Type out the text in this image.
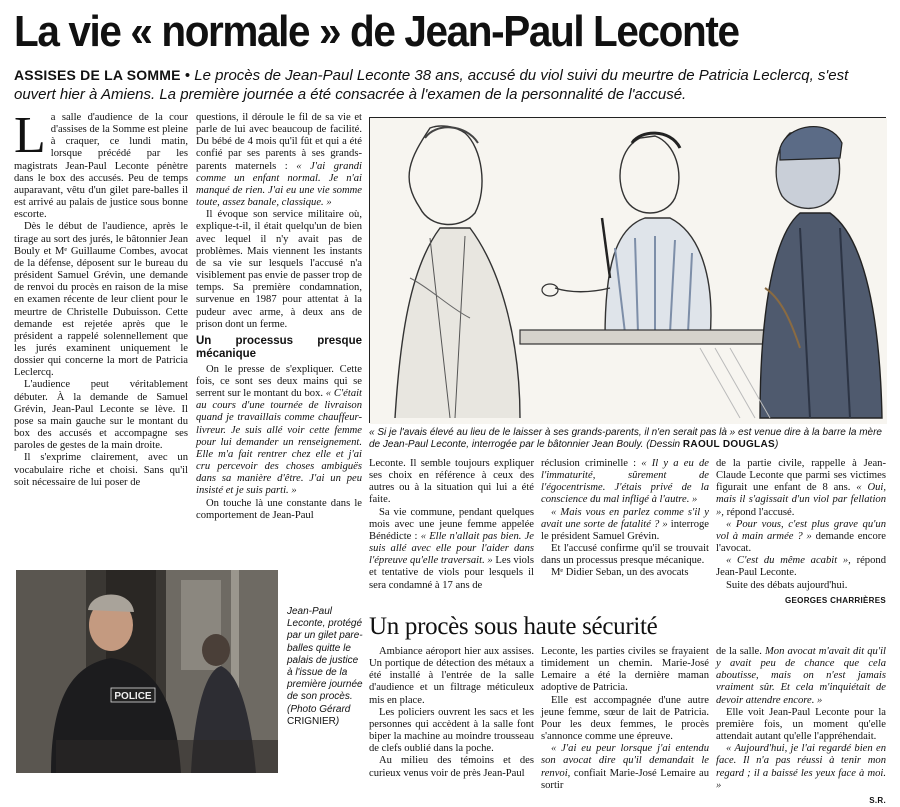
La vie « normale » de Jean-Paul Leconte
ASSISES DE LA SOMME • Le procès de Jean-Paul Leconte 38 ans, accusé du viol suivi du meurtre de Patricia Leclercq, s'est ouvert hier à Amiens. La première journée a été consacrée à l'examen de la personnalité de l'accusé.

La salle d'audience de la cour d'assises de la Somme est pleine à craquer, ce lundi matin, lorsque précédé par les magistrats Jean-Paul Leconte pénètre dans le box des accusés. Peu de temps auparavant, vêtu d'un gilet pare-balles il est arrivé au palais de justice sous bonne escorte.

Dès le début de l'audience, après le tirage au sort des jurés, le bâtonnier Jean Bouly et Mᵉ Guillaume Combes, avocat de la défense, déposent sur le bureau du président Samuel Grévin, une demande de renvoi du procès en raison de la mise en examen récente de leur client pour le meurtre de Christelle Dubuisson. Cette demande est rejetée après que le président a rappelé solennellement que les jurés examinent uniquement le dossier qui concerne la mort de Patricia Leclercq.

L'audience peut véritablement débuter. À la demande de Samuel Grévin, Jean-Paul Leconte se lève. Il pose sa main gauche sur le montant du box des accusés et accompagne ses paroles de gestes de la main droite.

Il s'exprime clairement, avec un vocabulaire riche et choisi. Sans qu'il soit nécessaire de lui poser de

questions, il déroule le fil de sa vie et parle de lui avec beaucoup de facilité. Du bébé de 4 mois qu'il fût et qui a été confié par ses parents à ses grands-parents maternels : « J'ai grandi comme un enfant normal. Je n'ai manqué de rien. J'ai eu une vie somme toute, assez banale, classique. »

Il évoque son service militaire où, explique-t-il, il était quelqu'un de bien avec lequel il n'y avait pas de problèmes. Mais viennent les instants de sa vie sur lesquels l'accusé n'a visiblement pas envie de passer trop de temps. Sa première condamnation, survenue en 1987 pour attentat à la pudeur avec arme, à deux ans de prison dont un ferme.

Un processus presque mécanique

On le presse de s'expliquer. Cette fois, ce sont ses deux mains qui se serrent sur le montant du box. « C'était au cours d'une tournée de livraison quand je travaillais comme chauffeur-livreur. Je suis allé voir cette femme pour lui demander un renseignement. Elle m'a fait rentrer chez elle et j'ai cru percevoir des choses ambiguës dans sa manière d'être. J'ai un peu insisté et je suis parti. »

On touche là une constante dans le comportement de Jean-Paul

« Si je l'avais élevé au lieu de le laisser à ses grands-parents, il n'en serait pas là » est venue dire à la barre la mère de Jean-Paul Leconte, interrogée par le bâtonnier Jean Bouly. (Dessin RAOUL DOUGLAS)

Leconte. Il semble toujours expliquer ses choix en référence à ceux des autres ou à la situation qui lui a été faite.

Sa vie commune, pendant quelques mois avec une jeune femme appelée Bénédicte : « Elle n'allait pas bien. Je suis allé avec elle pour l'aider dans l'épreuve qu'elle traversait. » Les viols et tentative de viols pour lesquels il sera condamné à 17 ans de

réclusion criminelle : « Il y a eu de l'immaturité, sûrement de l'égocentrisme. J'étais privé de la conscience du mal infligé à l'autre. »

« Mais vous en parlez comme s'il y avait une sorte de fatalité ? » interroge le président Samuel Grévin.

Et l'accusé confirme qu'il se trouvait dans un processus presque mécanique.

Mᵉ Didier Seban, un des avocats

de la partie civile, rappelle à Jean-Claude Leconte que parmi ses victimes figurait une enfant de 8 ans. « Oui, mais il s'agissait d'un viol par fellation », répond l'accusé.

« Pour vous, c'est plus grave qu'un vol à main armée ? » demande encore l'avocat.

« C'est du même acabit », répond Jean-Paul Leconte.

Suite des débats aujourd'hui.

GEORGES CHARRIÈRES
POLICE
Jean-Paul Leconte, protégé par un gilet pare-balles quitte le palais de justice à l'issue de la première journée de son procès.(Photo Gérard CRIGNIER)
Un procès sous haute sécurité

Ambiance aéroport hier aux assises. Un portique de détection des métaux a été installé à l'entrée de la salle d'audience et un filtrage méticuleux mis en place.

Les policiers ouvrent les sacs et les personnes qui accèdent à la salle font biper la machine au moindre trousseau de clefs oublié dans la poche.

Au milieu des témoins et des curieux venus voir de près Jean-Paul

Leconte, les parties civiles se frayaient timidement un chemin. Marie-José Lemaire a été la dernière maman adoptive de Patricia.

Elle est accompagnée d'une autre jeune femme, sœur de lait de Patricia. Pour les deux femmes, le procès s'annonce comme une épreuve.

« J'ai eu peur lorsque j'ai entendu son avocat dire qu'il demandait le renvoi, confiait Marie-José Lemaire au sortir

de la salle. Mon avocat m'avait dit qu'il y avait peu de chance que cela aboutisse, mais on n'est jamais vraiment sûr. Et cela m'inquiétait de devoir attendre encore. »

Elle voit Jean-Paul Leconte pour la première fois, un moment qu'elle attendait autant qu'elle l'appréhendait.

« Aujourd'hui, je l'ai regardé bien en face. Il n'a pas réussi à tenir mon regard ; il a baissé les yeux face à moi. »

S.R.
